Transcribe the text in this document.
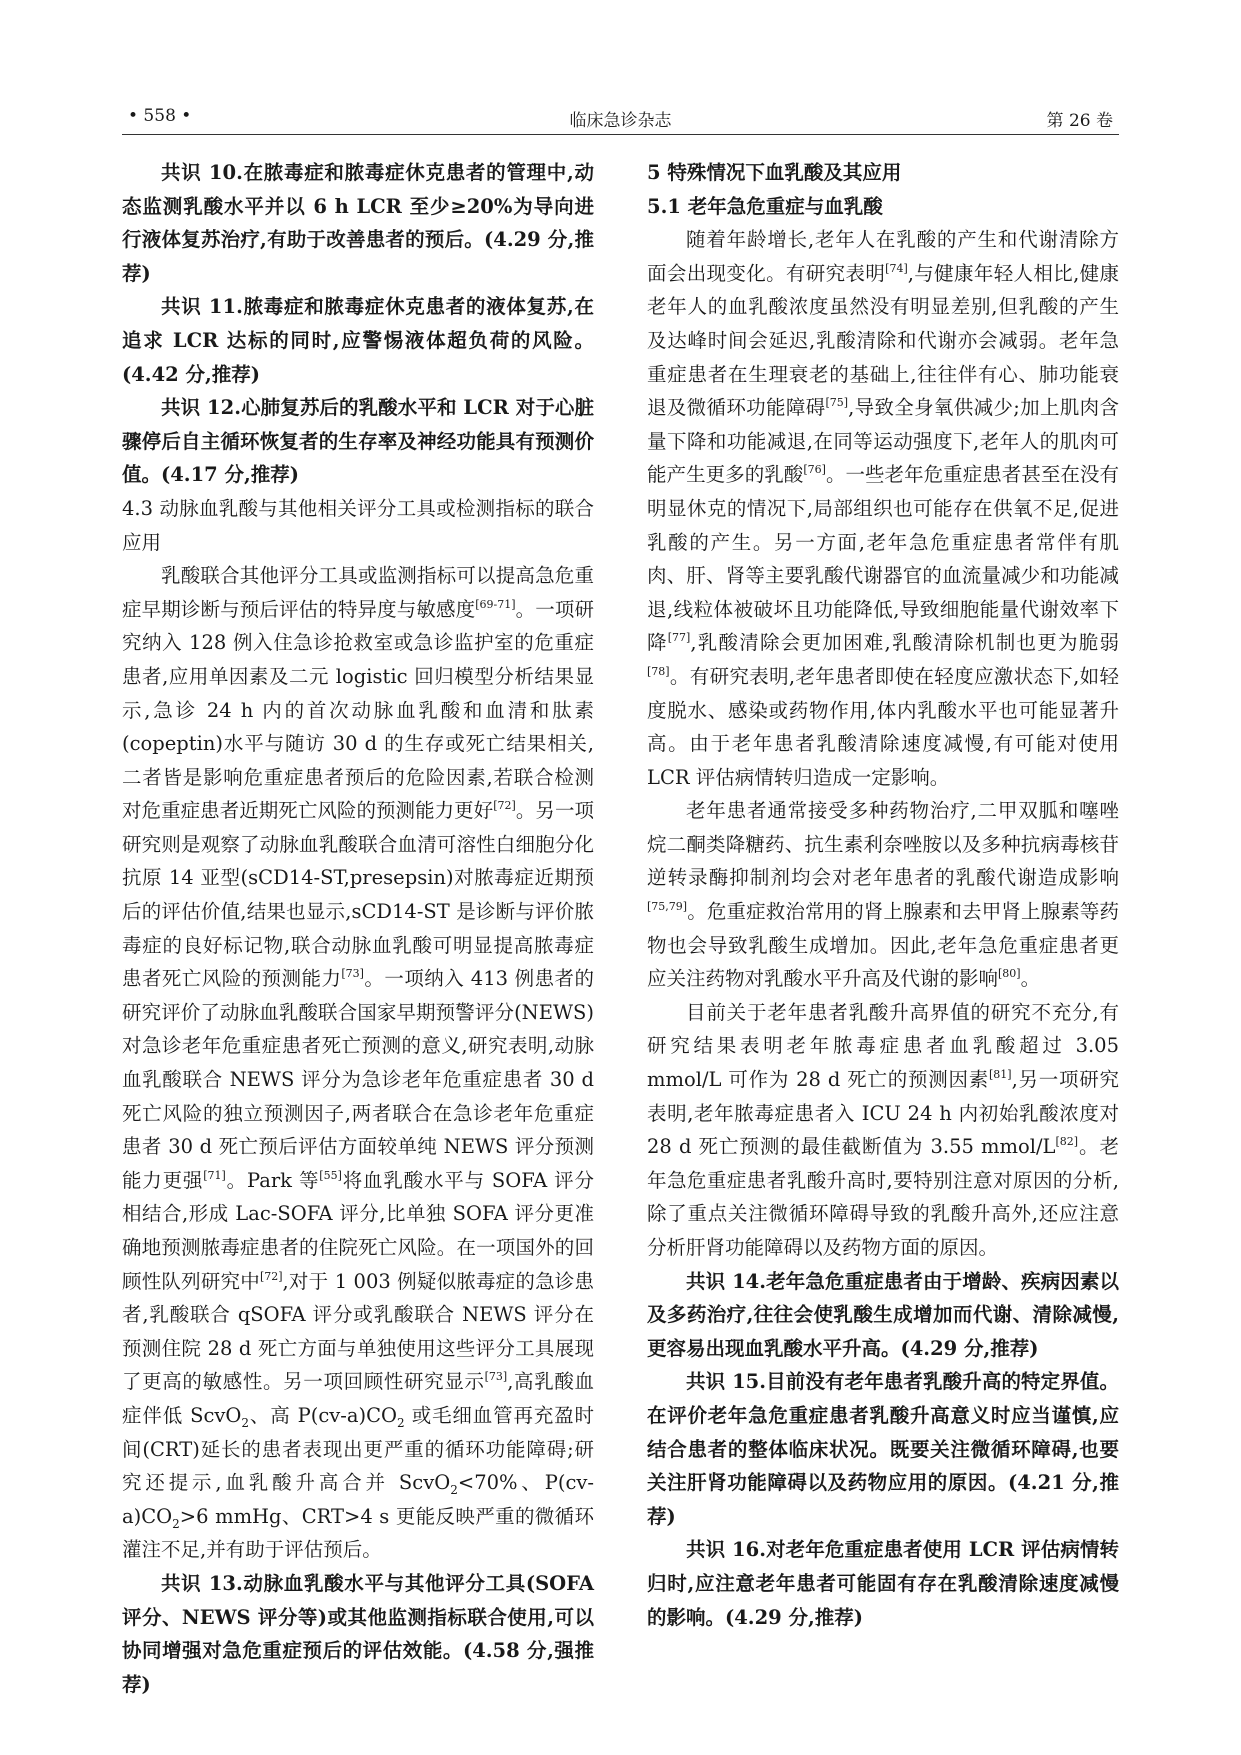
• 558 •	临床急诊杂志	第 26 卷

共识 10.在脓毒症和脓毒症休克患者的管理中,动态监测乳酸水平并以 6 h LCR 至少≥20%为导向进行液体复苏治疗,有助于改善患者的预后。(4.29 分,推荐)

共识 11.脓毒症和脓毒症休克患者的液体复苏,在追求 LCR 达标的同时,应警惕液体超负荷的风险。(4.42 分,推荐)

共识 12.心肺复苏后的乳酸水平和 LCR 对于心脏骤停后自主循环恢复者的生存率及神经功能具有预测价值。(4.17 分,推荐)

4.3 动脉血乳酸与其他相关评分工具或检测指标的联合应用

乳酸联合其他评分工具或监测指标可以提高急危重症早期诊断与预后评估的特异度与敏感度[69-71]。一项研究纳入 128 例入住急诊抢救室或急诊监护室的危重症患者,应用单因素及二元 logistic 回归模型分析结果显示,急诊 24 h 内的首次动脉血乳酸和血清和肽素(copeptin)水平与随访 30 d 的生存或死亡结果相关,二者皆是影响危重症患者预后的危险因素,若联合检测对危重症患者近期死亡风险的预测能力更好[72]。另一项研究则是观察了动脉血乳酸联合血清可溶性白细胞分化抗原 14 亚型(sCD14-ST,presepsin)对脓毒症近期预后的评估价值,结果也显示,sCD14-ST 是诊断与评价脓毒症的良好标记物,联合动脉血乳酸可明显提高脓毒症患者死亡风险的预测能力[73]。一项纳入 413 例患者的研究评价了动脉血乳酸联合国家早期预警评分(NEWS)对急诊老年危重症患者死亡预测的意义,研究表明,动脉血乳酸联合 NEWS 评分为急诊老年危重症患者 30 d 死亡风险的独立预测因子,两者联合在急诊老年危重症患者 30 d 死亡预后评估方面较单纯 NEWS 评分预测能力更强[71]。Park 等[55]将血乳酸水平与 SOFA 评分相结合,形成 Lac-SOFA 评分,比单独 SOFA 评分更准确地预测脓毒症患者的住院死亡风险。在一项国外的回顾性队列研究中[72],对于 1 003 例疑似脓毒症的急诊患者,乳酸联合 qSOFA 评分或乳酸联合 NEWS 评分在预测住院 28 d 死亡方面与单独使用这些评分工具展现了更高的敏感性。另一项回顾性研究显示[73],高乳酸血症伴低 ScvO$_2$、高 $P(cv-a)CO_2$ 或毛细血管再充盈时间(CRT)延长的患者表现出更严重的循环功能障碍;研究还提示,血乳酸升高合并 ScvO$_2$<70%、$P(cv-a)CO_2>6$ mmHg、CRT>4 s 更能反映严重的微循环灌注不足,并有助于评估预后。

共识 13.动脉血乳酸水平与其他评分工具(SOFA 评分、NEWS 评分等)或其他监测指标联合使用,可以协同增强对急危重症预后的评估效能。(4.58 分,强推荐)

5 特殊情况下血乳酸及其应用

5.1 老年急危重症与血乳酸

随着年龄增长,老年人在乳酸的产生和代谢清除方面会出现变化。有研究表明[74],与健康年轻人相比,健康老年人的血乳酸浓度虽然没有明显差别,但乳酸的产生及达峰时间会延迟,乳酸清除和代谢亦会减弱。老年急重症患者在生理衰老的基础上,往往伴有心、肺功能衰退及微循环功能障碍[75],导致全身氧供减少;加上肌肉含量下降和功能减退,在同等运动强度下,老年人的肌肉可能产生更多的乳酸[76]。一些老年危重症患者甚至在没有明显休克的情况下,局部组织也可能存在供氧不足,促进乳酸的产生。另一方面,老年急危重症患者常伴有肌肉、肝、肾等主要乳酸代谢器官的血流量减少和功能减退,线粒体被破坏且功能降低,导致细胞能量代谢效率下降[77],乳酸清除会更加困难,乳酸清除机制也更为脆弱[78]。有研究表明,老年患者即使在轻度应激状态下,如轻度脱水、感染或药物作用,体内乳酸水平也可能显著升高。由于老年患者乳酸清除速度减慢,有可能对使用 LCR 评估病情转归造成一定影响。

老年患者通常接受多种药物治疗,二甲双胍和噻唑烷二酮类降糖药、抗生素利奈唑胺以及多种抗病毒核苷逆转录酶抑制剂均会对老年患者的乳酸代谢造成影响[75,79]。危重症救治常用的肾上腺素和去甲肾上腺素等药物也会导致乳酸生成增加。因此,老年急危重症患者更应关注药物对乳酸水平升高及代谢的影响[80]。

目前关于老年患者乳酸升高界值的研究不充分,有研究结果表明老年脓毒症患者血乳酸超过 3.05 mmol/L 可作为 28 d 死亡的预测因素[81],另一项研究表明,老年脓毒症患者入 ICU 24 h 内初始乳酸浓度对 28 d 死亡预测的最佳截断值为 3.55 mmol/L[82]。老年急危重症患者乳酸升高时,要特别注意对原因的分析,除了重点关注微循环障碍导致的乳酸升高外,还应注意分析肝肾功能障碍以及药物方面的原因。

共识 14.老年急危重症患者由于增龄、疾病因素以及多药治疗,往往会使乳酸生成增加而代谢、清除减慢,更容易出现血乳酸水平升高。(4.29 分,推荐)

共识 15.目前没有老年患者乳酸升高的特定界值。在评价老年急危重症患者乳酸升高意义时应当谨慎,应结合患者的整体临床状况。既要关注微循环障碍,也要关注肝肾功能障碍以及药物应用的原因。(4.21 分,推荐)

共识 16.对老年危重症患者使用 LCR 评估病情转归时,应注意老年患者可能固有存在乳酸清除速度减慢的影响。(4.29 分,推荐)
